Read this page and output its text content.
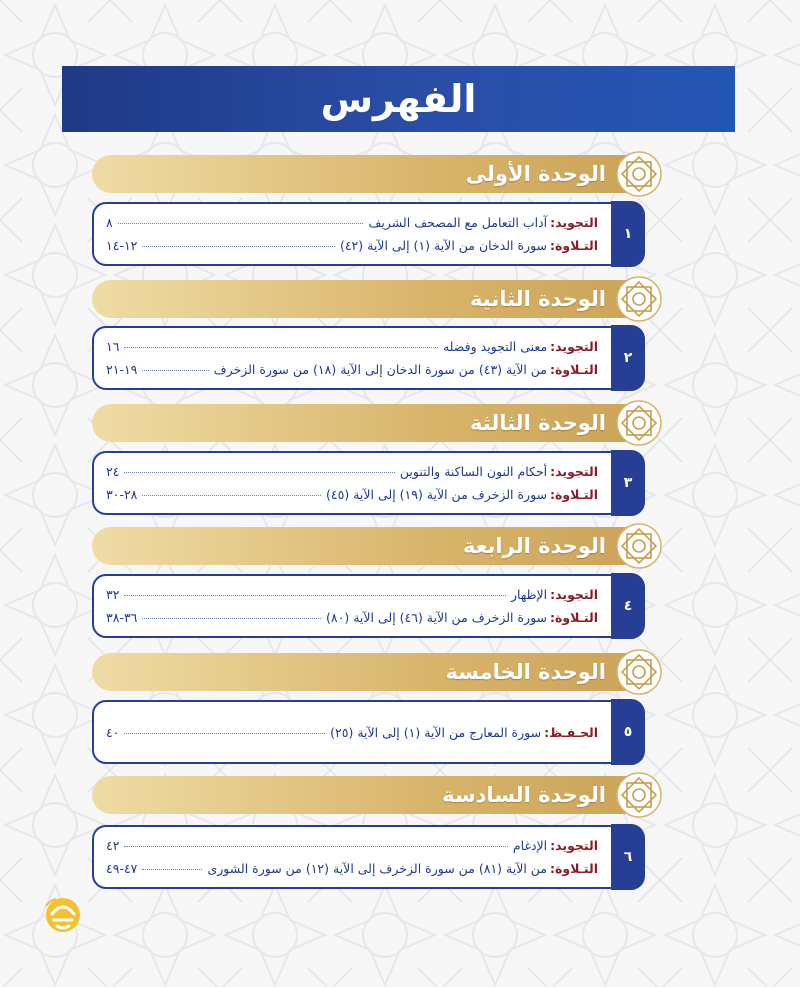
الفهرس
الوحدة الأولى
١
التجويد:
آداب التعامل مع المصحف الشريف
٨
التـلاوة:
سورة الدخان من الآية (١) إلى الآية (٤٢)
١٢-١٤
الوحدة الثانية
٢
التجويد:
معنى التجويد وفضله
١٦
التـلاوة:
من الآية (٤٣) من سورة الدخان إلى الآية (١٨) من سورة الزخرف
١٩-٢١
الوحدة الثالثة
٣
التجويد:
أحكام النون الساكنة والتنوين
٢٤
التـلاوة:
سورة الزخرف من الآية (١٩) إلى الآية (٤٥)
٢٨-٣٠
الوحدة الرابعة
٤
التجويد:
الإظهار
٣٢
التـلاوة:
سورة الزخرف من الآية (٤٦) إلى الآية (٨٠)
٣٦-٣٨
الوحدة الخامسة
٥
الحـفـظ:
سورة المعارج من الآية (١) إلى الآية (٢٥)
٤٠
الوحدة السادسة
٦
التجويد:
الإدغام
٤٢
التـلاوة:
من الآية (٨١) من سورة الزخرف إلى الآية (١٢) من سورة الشورى
٤٧-٤٩
